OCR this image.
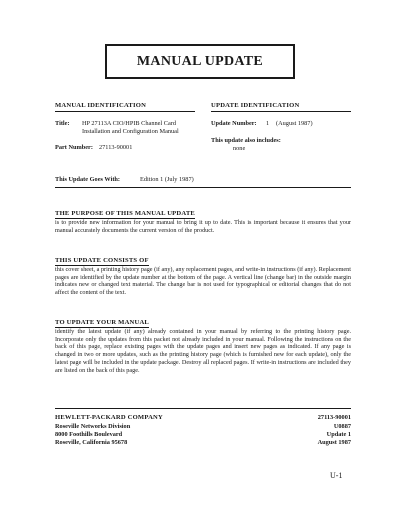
MANUAL UPDATE
MANUAL IDENTIFICATION
Title: HP 27113A CIO/HPIB Channel Card
Installation and Configuration Manual
Part Number: 27113-90001
UPDATE IDENTIFICATION
Update Number: 1 (August 1987)
This update also includes:
none
This Update Goes With:	Edition 1 (July 1987)
THE PURPOSE OF THIS MANUAL UPDATE
is to provide new information for your manual to bring it up to date. This is important because it ensures that your manual accurately documents the current version of the product.
THIS UPDATE CONSISTS OF
this cover sheet, a printing history page (if any), any replacement pages, and write-in instructions (if any). Replacement pages are identified by the update number at the bottom of the page. A vertical line (change bar) in the outside margin indicates new or changed text material. The change bar is not used for typographical or editorial changes that do not affect the content of the text.
TO UPDATE YOUR MANUAL
identify the latest update (if any) already contained in your manual by referring to the printing history page. Incorporate only the updates from this packet not already included in your manual. Following the instructions on the back of this page, replace existing pages with the update pages and insert new pages as indicated. If any page is changed in two or more updates, such as the printing history page (which is furnished new for each update), only the latest page will be included in the update package. Destroy all replaced pages. If write-in instructions are included they are listed on the back of this page.
HEWLETT-PACKARD COMPANY
Roseville Networks Division
8000 Foothills Boulevard
Roseville, California 95678
27113-90001
U0887
Update 1
August 1987
U-1
